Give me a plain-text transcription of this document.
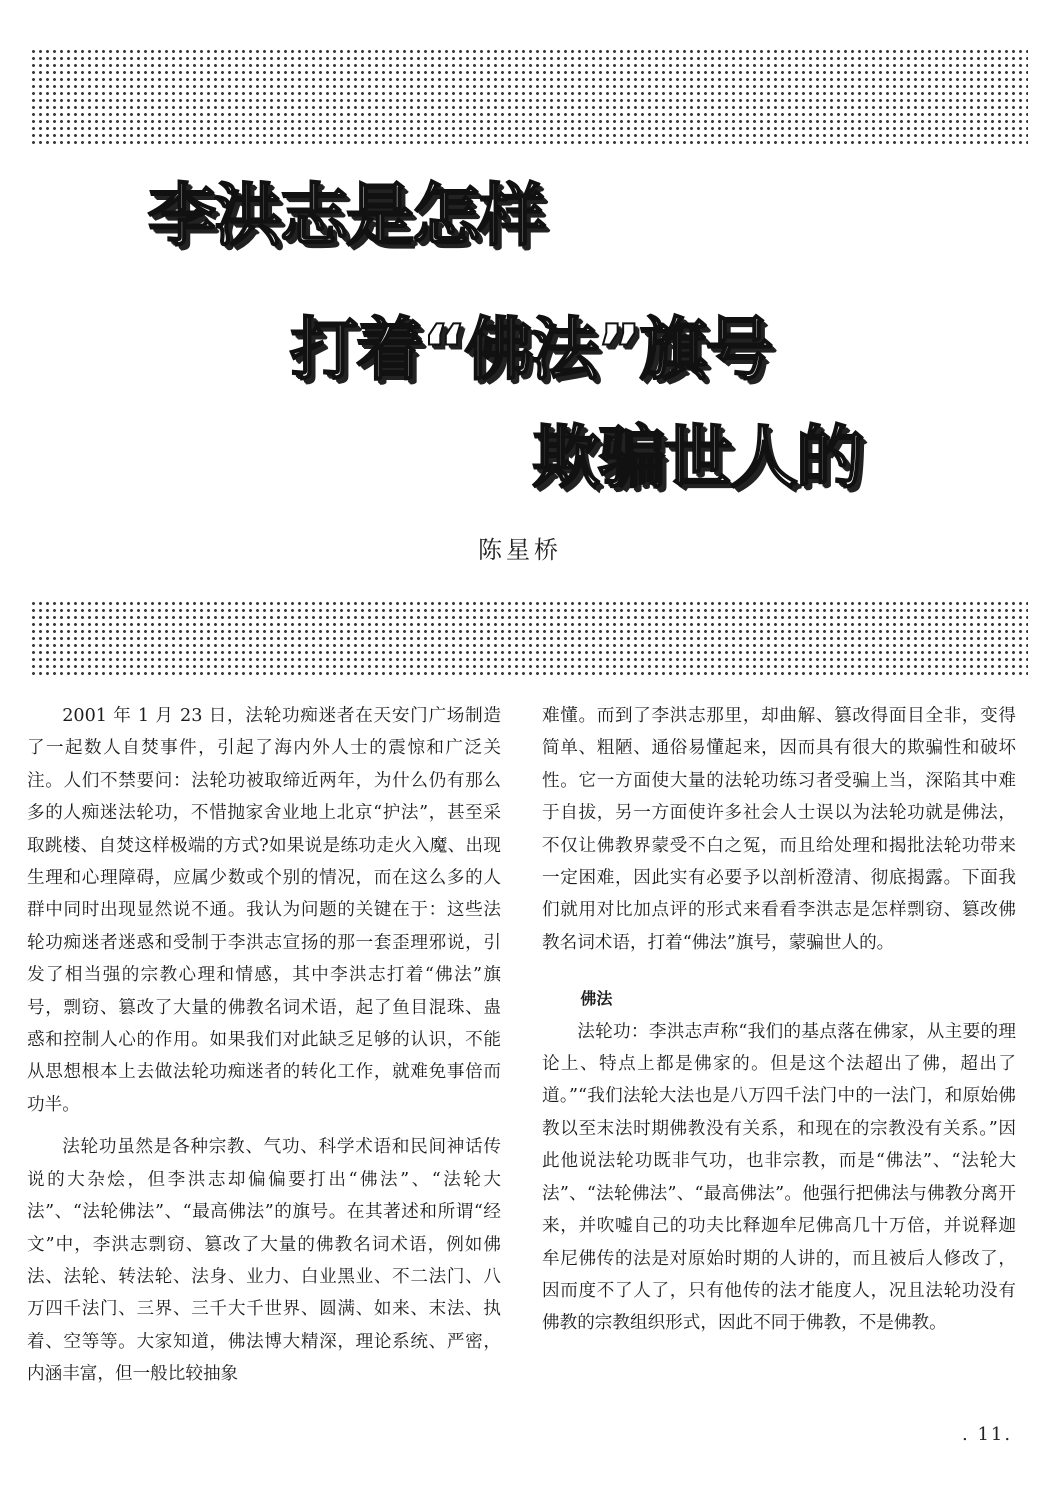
李洪志是怎样
打着“佛法”旗号
欺骗世人的

陈星桥

2001 年 1 月 23 日，法轮功痴迷者在天安门广场制造了一起数人自焚事件，引起了海内外人士的震惊和广泛关注。人们不禁要问：法轮功被取缔近两年，为什么仍有那么多的人痴迷法轮功，不惜抛家舍业地上北京“护法”，甚至采取跳楼、自焚这样极端的方式?如果说是练功走火入魔、出现生理和心理障碍，应属少数或个别的情况，而在这么多的人群中同时出现显然说不通。我认为问题的关键在于：这些法轮功痴迷者迷惑和受制于李洪志宣扬的那一套歪理邪说，引发了相当强的宗教心理和情感，其中李洪志打着“佛法”旗号，剽窃、篡改了大量的佛教名词术语，起了鱼目混珠、蛊惑和控制人心的作用。如果我们对此缺乏足够的认识，不能从思想根本上去做法轮功痴迷者的转化工作，就难免事倍而功半。

法轮功虽然是各种宗教、气功、科学术语和民间神话传说的大杂烩，但李洪志却偏偏要打出“佛法”、“法轮大法”、“法轮佛法”、“最高佛法”的旗号。在其著述和所谓“经文”中，李洪志剽窃、篡改了大量的佛教名词术语，例如佛法、法轮、转法轮、法身、业力、白业黑业、不二法门、八万四千法门、三界、三千大千世界、圆满、如来、末法、执着、空等等。大家知道，佛法博大精深，理论系统、严密，内涵丰富，但一般比较抽象

难懂。而到了李洪志那里，却曲解、篡改得面目全非，变得简单、粗陋、通俗易懂起来，因而具有很大的欺骗性和破坏性。它一方面使大量的法轮功练习者受骗上当，深陷其中难于自拔，另一方面使许多社会人士误以为法轮功就是佛法，不仅让佛教界蒙受不白之冤，而且给处理和揭批法轮功带来一定困难，因此实有必要予以剖析澄清、彻底揭露。下面我们就用对比加点评的形式来看看李洪志是怎样剽窃、篡改佛教名词术语，打着“佛法”旗号，蒙骗世人的。

佛法

法轮功：李洪志声称“我们的基点落在佛家，从主要的理论上、特点上都是佛家的。但是这个法超出了佛，超出了道。”“我们法轮大法也是八万四千法门中的一法门，和原始佛教以至末法时期佛教没有关系，和现在的宗教没有关系。”因此他说法轮功既非气功，也非宗教，而是“佛法”、“法轮大法”、“法轮佛法”、“最高佛法”。他强行把佛法与佛教分离开来，并吹嘘自己的功夫比释迦牟尼佛高几十万倍，并说释迦牟尼佛传的法是对原始时期的人讲的，而且被后人修改了，因而度不了人了，只有他传的法才能度人，况且法轮功没有佛教的宗教组织形式，因此不同于佛教，不是佛教。

. 11.
